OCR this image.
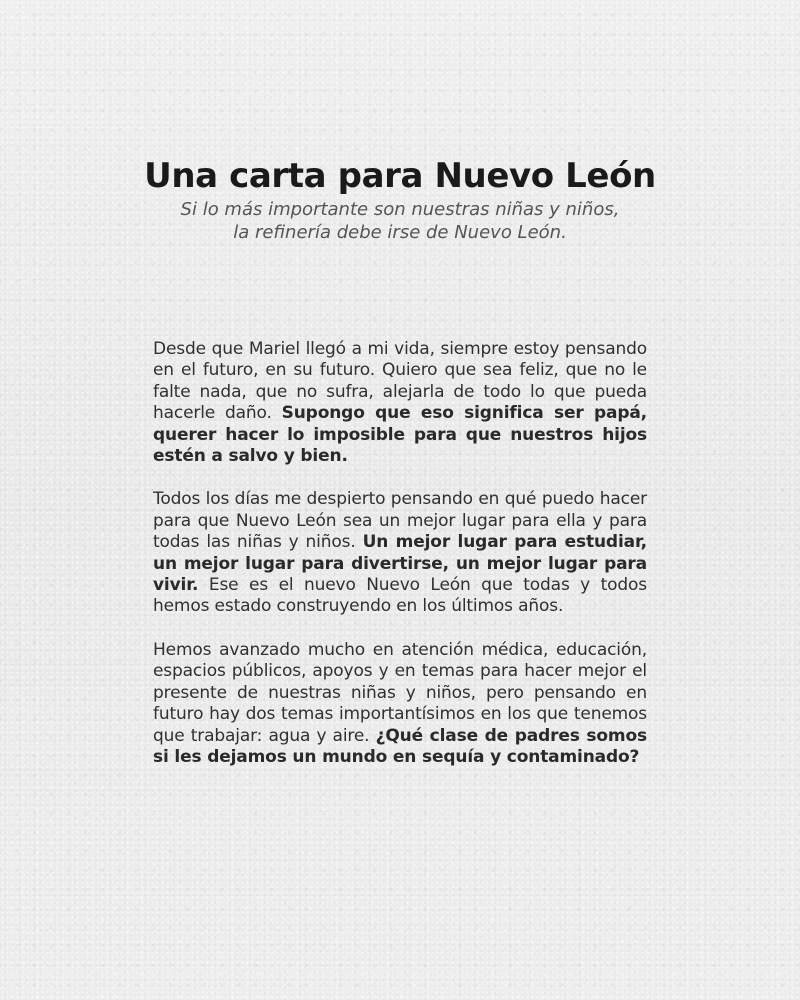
Una carta para Nuevo León

Si lo más importante son nuestras niñas y niños,
la refinería debe irse de Nuevo León.

Desde que Mariel llegó a mi vida, siempre estoy pensando en el futuro, en su futuro. Quiero que sea feliz, que no le falte nada, que no sufra, alejarla de todo lo que pueda hacerle daño. Supongo que eso significa ser papá, querer hacer lo imposible para que nuestros hijos estén a salvo y bien.

Todos los días me despierto pensando en qué puedo hacer para que Nuevo León sea un mejor lugar para ella y para todas las niñas y niños. Un mejor lugar para estudiar, un mejor lugar para divertirse, un mejor lugar para vivir. Ese es el nuevo Nuevo León que todas y todos hemos estado construyendo en los últimos años.

Hemos avanzado mucho en atención médica, educación, espacios públicos, apoyos y en temas para hacer mejor el presente de nuestras niñas y niños, pero pensando en futuro hay dos temas importantísimos en los que tenemos que trabajar: agua y aire. ¿Qué clase de padres somos si les dejamos un mundo en sequía y contaminado?
